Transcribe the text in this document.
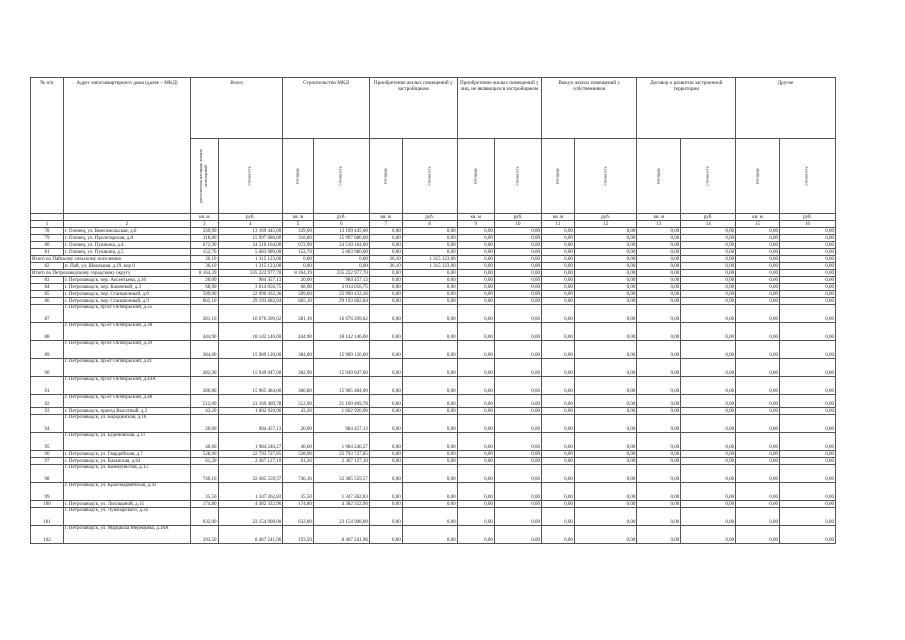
№ п/п	Адрес многоквартирного дома (далее – МКД)	Всего		Строительство МКД		Приобретение жилых помещений у застройщиков		Приобретение жилых помещений у лиц, не являющихся застройщиком		Выкуп жилых помещений у собственников		Договор о развитии застроенной территории		Другие	

		расселяемая площадь жилых помещений	стоимость	площадь	стоимость	площадь	стоимость	площадь	стоимость	площадь	стоимость	площадь	стоимость	площадь	стоимость

		кв. м	руб.	кв. м	руб.	кв. м	руб.	кв. м	руб.	кв. м	руб.	кв. м	руб.	кв. м	руб.
1	2	3	4	5	6	7	8	9	10	11	12	13	14	15	16
78	г. Олонец, ул. Комсомольская, д.6	339,90	13 169 445,00	339,90	13 169 445,00	0,00	0,00	0,00	0,00	0,00	0,00	0,00	0,00	0,00	0,00
79	г. Олонец, ул. Пролетарская, д.8	318,80	15 997 080,00	318,80	15 997 080,00	0,00	0,00	0,00	0,00	0,00	0,00	0,00	0,00	0,00	0,00
80	г. Олонец, ул. Пушкина, д.4	672,90	24 510 164,00	672,90	24 510 164,00	0,00	0,00	0,00	0,00	0,00	0,00	0,00	0,00	0,00	0,00
81	г. Олонец, ул. Пушкина, д.5	152,70	5 683 980,00	152,70	5 683 980,00	0,00	0,00	0,00	0,00	0,00	0,00	0,00	0,00	0,00	0,00
Итого по Пайскому сельскому поселению		36,10	1 315 123,00	0,00	0,00	36,10	1 315 123,00	0,00	0,00	0,00	0,00	0,00	0,00	0,00	0,00
82	п. Пай, ул. Школьная, д.19, кор 0	36,10	1 315 123,00	0,00	0,00	36,10	1 315 123,00	0,00	0,00	0,00	0,00	0,00	0,00	0,00	0,00
Итого по Петрозаводскому городскому округу		8 164,39	335 222 977,70	8 164,39	335 222 977,70	0,00	0,00	0,00	0,00	0,00	0,00	0,00	0,00	0,00	0,00
83	г. Петрозаводск, пер. Аксентьева, д.10	20,00	984 457,13	20,00	984 457,13	0,00	0,00	0,00	0,00	0,00	0,00	0,00	0,00	0,00	0,00
84	г. Петрозаводск, пер. Ключевой, д.3	68,90	3 014 056,75	68,90	3 014 056,75	0,00	0,00	0,00	0,00	0,00	0,00	0,00	0,00	0,00	0,00
85	г. Петрозаводск, пер. Станционный, д.6	509,00	22 990 432,36	509,00	22 990 432,36	0,00	0,00	0,00	0,00	0,00	0,00	0,00	0,00	0,00	0,00
86	г. Петрозаводск, пер. Станционный, д.9	665,10	29 193 682,84	665,10	29 193 682,84	0,00	0,00	0,00	0,00	0,00	0,00	0,00	0,00	0,00	0,00
87	г. Петрозаводск, пр-кт Октябрьский, д.35	381,10	16 676 209,62	381,10	16 676 209,62	0,00	0,00	0,00	0,00	0,00	0,00	0,00	0,00	0,00	0,00
88	г. Петрозаводск, пр-кт Октябрьский, д.38	444,90	18 142 146,00	444,90	18 142 146,00	0,00	0,00	0,00	0,00	0,00	0,00	0,00	0,00	0,00	0,00
89	г. Петрозаводск, пр-кт Октябрьский, д.39	384,00	15 989 120,00	384,00	15 989 120,00	0,00	0,00	0,00	0,00	0,00	0,00	0,00	0,00	0,00	0,00
90	г. Петрозаводск, пр-кт Октябрьский, д.41	382,90	15 949 047,00	382,90	15 949 047,00	0,00	0,00	0,00	0,00	0,00	0,00	0,00	0,00	0,00	0,00
91	г. Петрозаводск, пр-кт Октябрьский, д.44А	386,80	15 965 484,00	386,80	15 965 484,00	0,00	0,00	0,00	0,00	0,00	0,00	0,00	0,00	0,00	0,00
92	г. Петрозаводск, пр-кт Октябрьский, д.48	512,00	21 169 469,78	512,00	21 169 469,78	0,00	0,00	0,00	0,00	0,00	0,00	0,00	0,00	0,00	0,00
93	г. Петрозаводск, проезд Высотный, д.3	43,20	1 602 920,96	43,20	1 602 920,96	0,00	0,00	0,00	0,00	0,00	0,00	0,00	0,00	0,00	0,00
94	г. Петрозаводск, ул. Бородинская, д.16	20,00	984 457,13	20,00	984 457,13	0,00	0,00	0,00	0,00	0,00	0,00	0,00	0,00	0,00	0,00
95	г. Петрозаводск, ул. Буденовская, д.11	40,60	1 984 240,27	40,60	1 984 240,27	0,00	0,00	0,00	0,00	0,00	0,00	0,00	0,00	0,00	0,00
96	г. Петрозаводск, ул. Гвардейская, д.7	528,90	22 793 727,85	528,90	22 793 727,85	0,00	0,00	0,00	0,00	0,00	0,00	0,00	0,00	0,00	0,00
97	г. Петрозаводск, ул. Казанская, д.64	61,20	2 367 127,10	61,20	2 367 127,10	0,00	0,00	0,00	0,00	0,00	0,00	0,00	0,00	0,00	0,00
98	г. Петрозаводск, ул. Коммунистов, д.15	746,10	32 385 559,57	746,10	32 385 559,57	0,00	0,00	0,00	0,00	0,00	0,00	0,00	0,00	0,00	0,00
99	г. Петрозаводск, ул. Красноармейская, д.43	35,50	1 347 362,83	35,50	1 347 362,83	0,00	0,00	0,00	0,00	0,00	0,00	0,00	0,00	0,00	0,00
100	г. Петрозаводск, ул. Лисицыной, д.15	174,80	4 382 322,96	174,80	4 382 322,96	0,00	0,00	0,00	0,00	0,00	0,00	0,00	0,00	0,00	0,00
101	г. Петрозаводск, ул. Луначарского, д.32	632,00	23 154 908,00	632,00	23 154 908,00	0,00	0,00	0,00	0,00	0,00	0,00	0,00	0,00	0,00	0,00
102	г. Петрозаводск, ул. Марциала Мерецкова, д.18А	193,50	8 467 241,96	193,50	8 467 241,96	0,00	0,00	0,00	0,00	0,00	0,00	0,00	0,00	0,00	0,00
